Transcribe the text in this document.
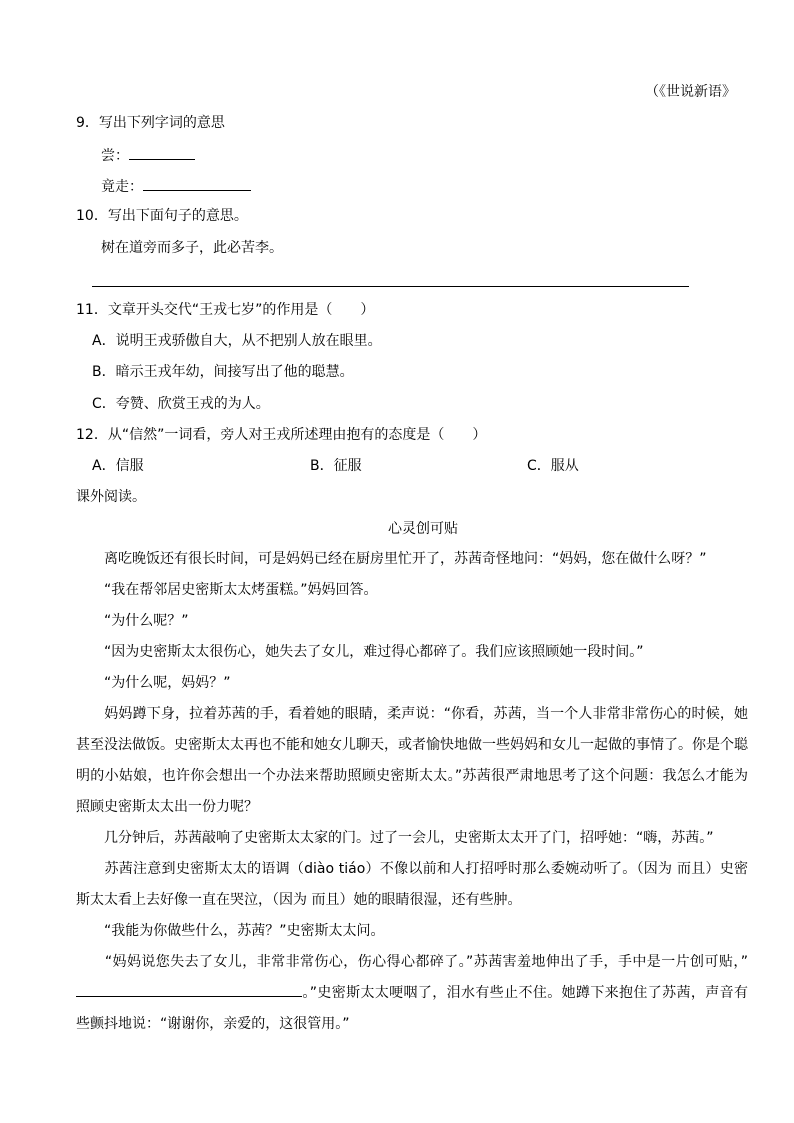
（《世说新语》
9．写出下列字词的意思
尝：
竟走：
10．写出下面句子的意思。
树在道旁而多子，此必苦李。
11．文章开头交代“王戎七岁”的作用是（　　）
A．说明王戎骄傲自大，从不把别人放在眼里。
B．暗示王戎年幼，间接写出了他的聪慧。
C．夸赞、欣赏王戎的为人。
12．从“信然”一词看，旁人对王戎所述理由抱有的态度是（　　）
A．信服	B．征服	C．服从
课外阅读。
心灵创可贴
　　离吃晚饭还有很长时间，可是妈妈已经在厨房里忙开了，苏茜奇怪地问：“妈妈，您在做什么呀？”
　　“我在帮邻居史密斯太太烤蛋糕。”妈妈回答。
　　“为什么呢？”
　　“因为史密斯太太很伤心，她失去了女儿，难过得心都碎了。我们应该照顾她一段时间。”
　　“为什么呢，妈妈？”
　　妈妈蹲下身，拉着苏茜的手，看着她的眼睛，柔声说：“你看，苏茜，当一个人非常非常伤心的时候，她甚至没法做饭。史密斯太太再也不能和她女儿聊天，或者愉快地做一些妈妈和女儿一起做的事情了。你是个聪明的小姑娘，也许你会想出一个办法来帮助照顾史密斯太太。”苏茜很严肃地思考了这个问题：我怎么才能为照顾史密斯太太出一份力呢？
　　几分钟后，苏茜敲响了史密斯太太家的门。过了一会儿，史密斯太太开了门，招呼她：“嗨，苏茜。”
　　苏茜注意到史密斯太太的语调（diào tiáo）不像以前和人打招呼时那么委婉动听了。（因为 而且）史密斯太太看上去好像一直在哭泣，（因为 而且）她的眼睛很湿，还有些肿。
　　“我能为你做些什么，苏茜？”史密斯太太问。
　　“妈妈说您失去了女儿，非常非常伤心，伤心得心都碎了。”苏茜害羞地伸出了手，手中是一片创可贴，”。”史密斯太太哽咽了，泪水有些止不住。她蹲下来抱住了苏茜，声音有些颤抖地说：“谢谢你，亲爱的，这很管用。”
